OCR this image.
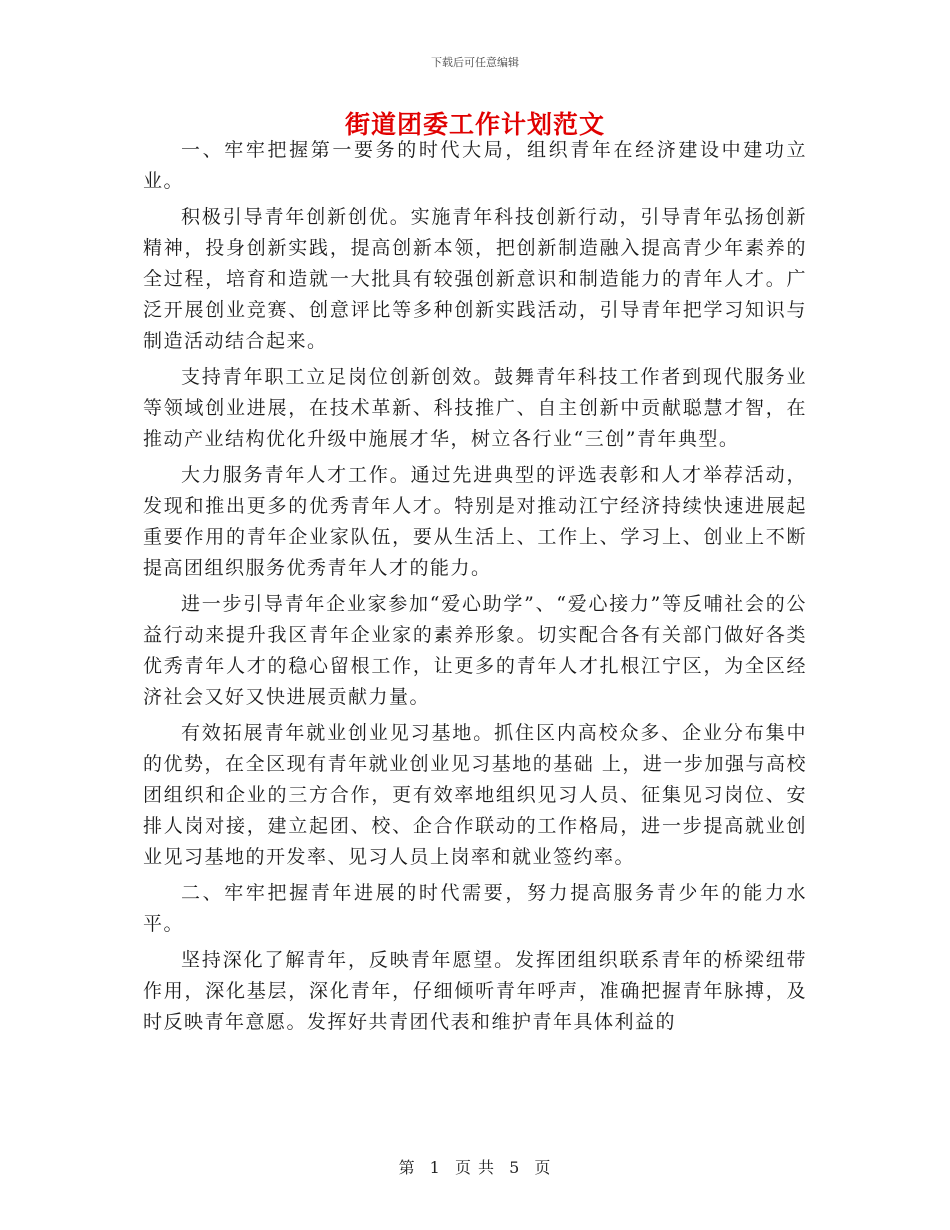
下载后可任意编辑
街道团委工作计划范文

一、牢牢把握第一要务的时代大局，组织青年在经济建设中建功立业。

积极引导青年创新创优。实施青年科技创新行动，引导青年弘扬创新精神，投身创新实践，提高创新本领，把创新制造融入提高青少年素养的全过程，培育和造就一大批具有较强创新意识和制造能力的青年人才。广泛开展创业竞赛、创意评比等多种创新实践活动，引导青年把学习知识与制造活动结合起来。

支持青年职工立足岗位创新创效。鼓舞青年科技工作者到现代服务业等领域创业进展，在技术革新、科技推广、自主创新中贡献聪慧才智，在推动产业结构优化升级中施展才华，树立各行业“三创”青年典型。

大力服务青年人才工作。通过先进典型的评选表彰和人才举荐活动，发现和推出更多的优秀青年人才。特别是对推动江宁经济持续快速进展起重要作用的青年企业家队伍，要从生活上、工作上、学习上、创业上不断提高团组织服务优秀青年人才的能力。

进一步引导青年企业家参加“爱心助学”、“爱心接力”等反哺社会的公益行动来提升我区青年企业家的素养形象。切实配合各有关部门做好各类优秀青年人才的稳心留根工作，让更多的青年人才扎根江宁区，为全区经济社会又好又快进展贡献力量。

有效拓展青年就业创业见习基地。抓住区内高校众多、企业分布集中的优势，在全区现有青年就业创业见习基地的基础 上，进一步加强与高校团组织和企业的三方合作，更有效率地组织见习人员、征集见习岗位、安排人岗对接，建立起团、校、企合作联动的工作格局，进一步提高就业创业见习基地的开发率、见习人员上岗率和就业签约率。

二、牢牢把握青年进展的时代需要，努力提高服务青少年的能力水平。

坚持深化了解青年，反映青年愿望。发挥团组织联系青年的桥梁纽带作用，深化基层，深化青年，仔细倾听青年呼声，准确把握青年脉搏，及时反映青年意愿。发挥好共青团代表和维护青年具体利益的

第 1 页 共 5 页
